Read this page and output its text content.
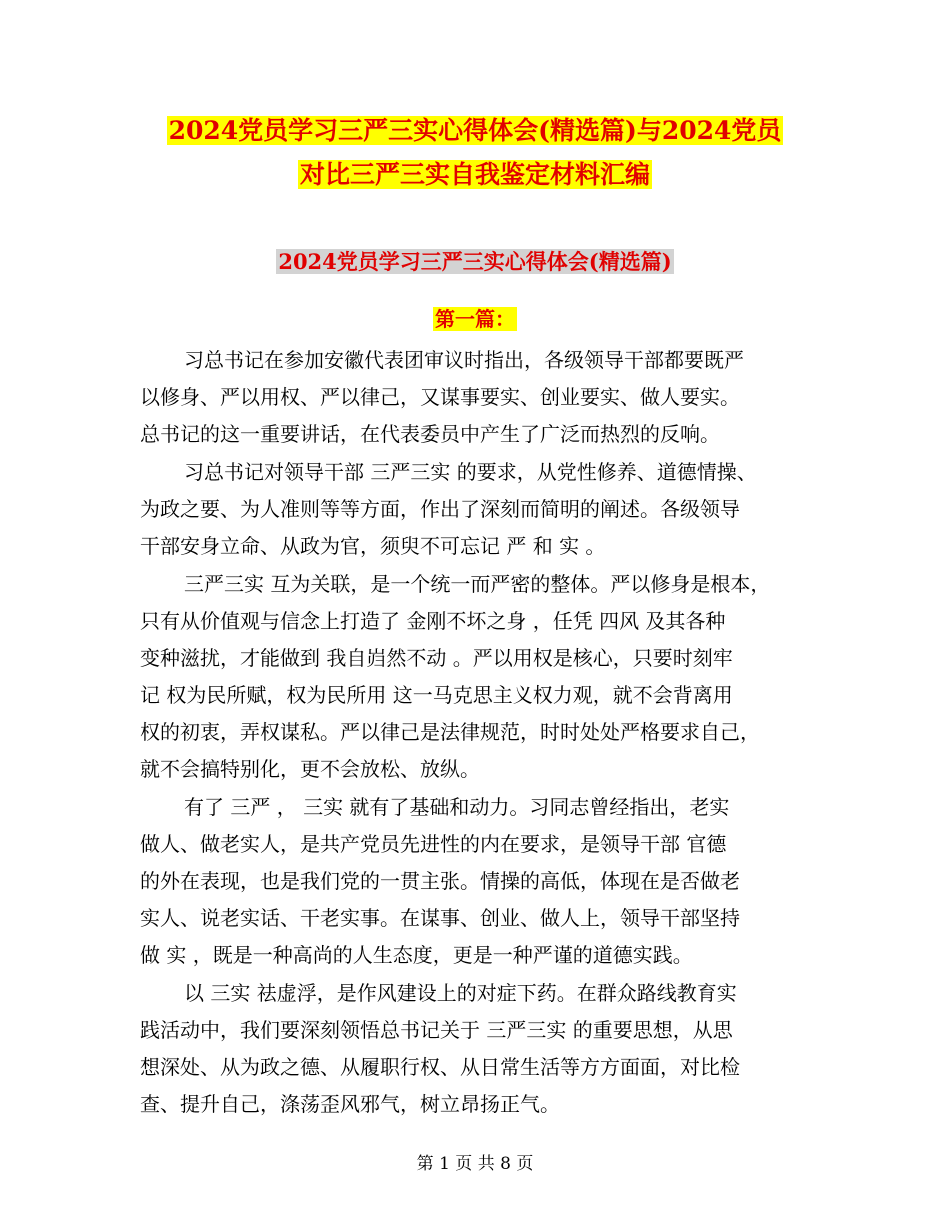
2024党员学习三严三实心得体会(精选篇)与2024党员
对比三严三实自我鉴定材料汇编
2024党员学习三严三实心得体会(精选篇)
第一篇：

习总书记在参加安徽代表团审议时指出，各级领导干部都要既严
以修身、严以用权、严以律己，又谋事要实、创业要实、做人要实。
总书记的这一重要讲话，在代表委员中产生了广泛而热烈的反响。

习总书记对领导干部 三严三实 的要求，从党性修养、道德情操、
为政之要、为人准则等等方面，作出了深刻而简明的阐述。各级领导
干部安身立命、从政为官，须臾不可忘记 严 和 实 。

三严三实 互为关联，是一个统一而严密的整体。严以修身是根本，
只有从价值观与信念上打造了 金刚不坏之身 ，任凭 四风 及其各种
变种滋扰，才能做到 我自岿然不动 。严以用权是核心，只要时刻牢
记 权为民所赋，权为民所用 这一马克思主义权力观，就不会背离用
权的初衷，弄权谋私。严以律己是法律规范，时时处处严格要求自己，
就不会搞特别化，更不会放松、放纵。

有了 三严 ， 三实 就有了基础和动力。习同志曾经指出，老实
做人、做老实人，是共产党员先进性的内在要求，是领导干部 官德
的外在表现，也是我们党的一贯主张。情操的高低，体现在是否做老
实人、说老实话、干老实事。在谋事、创业、做人上，领导干部坚持
做 实 ，既是一种高尚的人生态度，更是一种严谨的道德实践。

以 三实 祛虚浮，是作风建设上的对症下药。在群众路线教育实
践活动中，我们要深刻领悟总书记关于 三严三实 的重要思想，从思
想深处、从为政之德、从履职行权、从日常生活等方方面面，对比检
查、提升自己，涤荡歪风邪气，树立昂扬正气。

第 1 页 共 8 页
